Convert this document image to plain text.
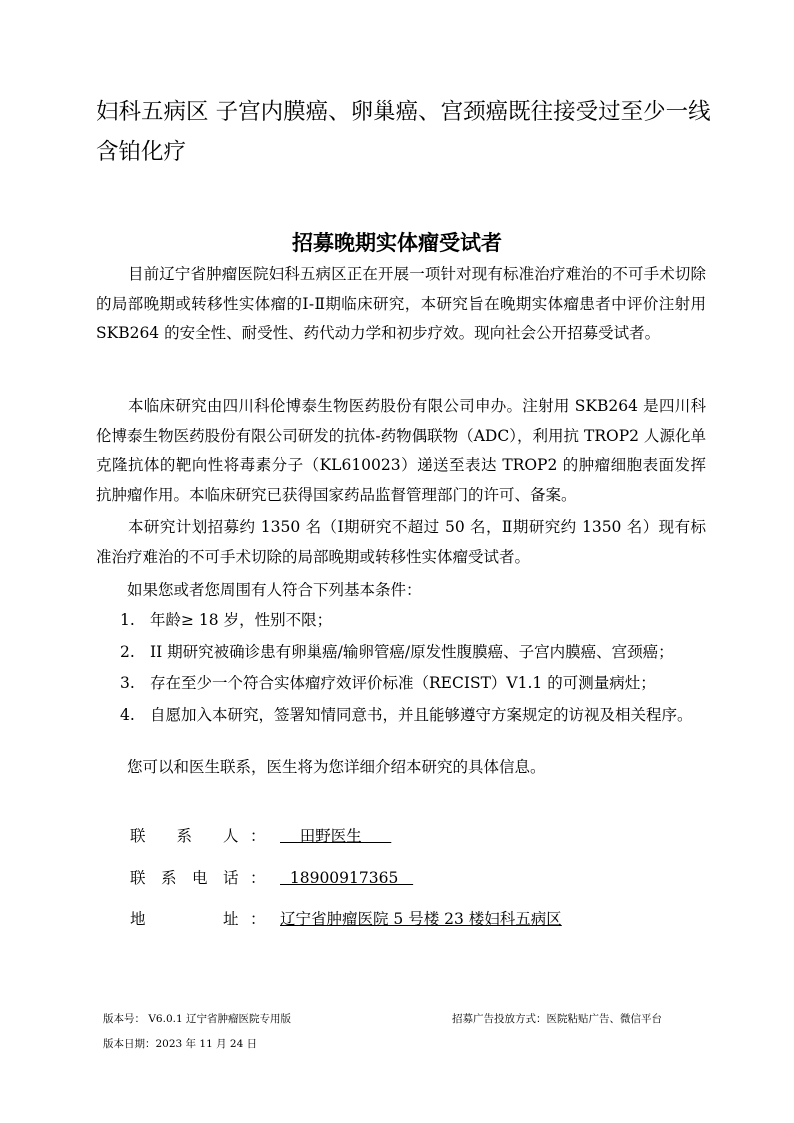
妇科五病区 子宫内膜癌、卵巢癌、宫颈癌既往接受过至少一线含铂化疗
招募晚期实体瘤受试者
目前辽宁省肿瘤医院妇科五病区正在开展一项针对现有标准治疗难治的不可手术切除的局部晚期或转移性实体瘤的Ⅰ-Ⅱ期临床研究，本研究旨在晚期实体瘤患者中评价注射用 SKB264 的安全性、耐受性、药代动力学和初步疗效。现向社会公开招募受试者。
本临床研究由四川科伦博泰生物医药股份有限公司申办。注射用 SKB264 是四川科伦博泰生物医药股份有限公司研发的抗体-药物偶联物（ADC），利用抗 TROP2 人源化单克隆抗体的靶向性将毒素分子（KL610023）递送至表达 TROP2 的肿瘤细胞表面发挥抗肿瘤作用。本临床研究已获得国家药品监督管理部门的许可、备案。
本研究计划招募约 1350 名（Ⅰ期研究不超过 50 名，Ⅱ期研究约 1350 名）现有标准治疗难治的不可手术切除的局部晚期或转移性实体瘤受试者。
如果您或者您周围有人符合下列基本条件：
1. 年龄≥ 18 岁，性别不限；
2. II 期研究被确诊患有卵巢癌/输卵管癌/原发性腹膜癌、子宫内膜癌、宫颈癌；
3. 存在至少一个符合实体瘤疗效评价标准（RECIST）V1.1 的可测量病灶；
4. 自愿加入本研究，签署知情同意书，并且能够遵守方案规定的访视及相关程序。
您可以和医生联系，医生将为您详细介绍本研究的具体信息。
联　　系　　人 ： 田野医生
联　系　电　话 ： 18900917365
地　　　　　址 ： 辽宁省肿瘤医院 5 号楼 23 楼妇科五病区
版本号： V6.0.1 辽宁省肿瘤医院专用版	招募广告投放方式：医院粘贴广告、微信平台
版本日期：2023 年 11 月 24 日
